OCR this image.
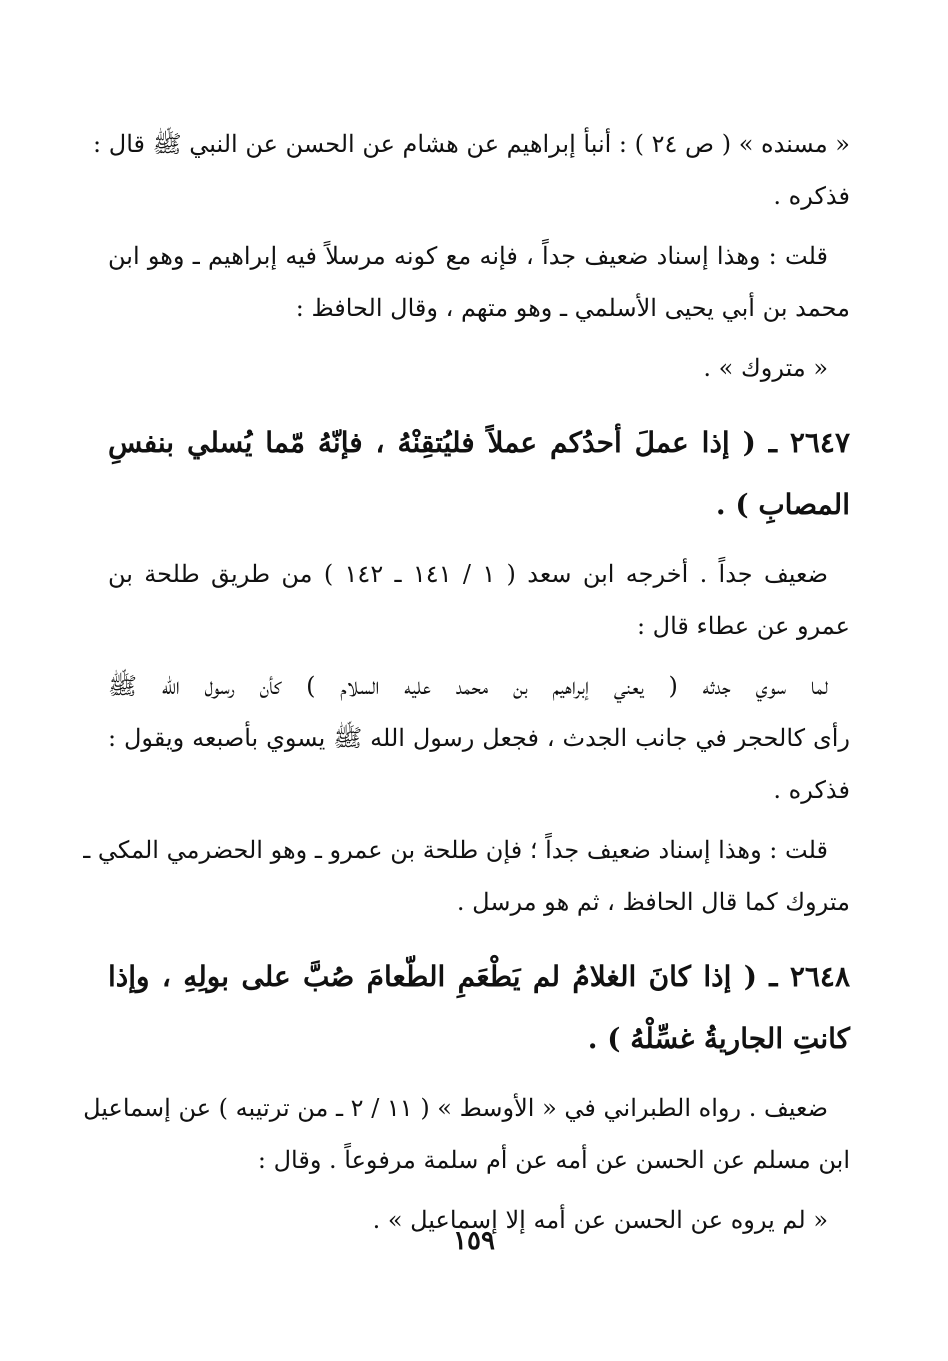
« مسنده » ( ص ٢٤ ) : أنبأ إبراهيم عن هشام عن الحسن عن النبي ﷺ قال :
فذكره .
قلت : وهذا إسناد ضعيف جداً ، فإنه مع كونه مرسلاً فيه إبراهيم ـ وهو ابن
محمد بن أبي يحيى الأسلمي ـ وهو متهم ، وقال الحافظ :
« متروك » .
٢٦٤٧ ـ ( إذا عملَ أحدُكم عملاً فليُتقِنْهُ ، فإنّهُ مّما يُسلي بنفسِ
المصابِ ) .
ضعيف جداً . أخرجه ابن سعد ( ١ / ١٤١ ـ ١٤٢ ) من طريق طلحة بن
عمرو عن عطاء قال :
لما سوي جدثه ( يعني إبراهيم بن محمد عليه السلام ) كأن رسول الله ﷺ
رأى كالحجر في جانب الجدث ، فجعل رسول الله ﷺ يسوي بأصبعه ويقول :
فذكره .
قلت : وهذا إسناد ضعيف جداً ؛ فإن طلحة بن عمرو ـ وهو الحضرمي المكي ـ
متروك كما قال الحافظ ، ثم هو مرسل .
٢٦٤٨ ـ ( إذا كانَ الغلامُ لم يَطْعَمِ الطّعامَ صُبَّ على بولِهِ ، وإذا
كانتِ الجاريةُ غسِّلْهُ ) .
ضعيف . رواه الطبراني في « الأوسط » ( ١١ / ٢ ـ من ترتيبه ) عن إسماعيل
ابن مسلم عن الحسن عن أمه عن أم سلمة مرفوعاً . وقال :
« لم يروه عن الحسن عن أمه إلا إسماعيل » .
١٥٩
